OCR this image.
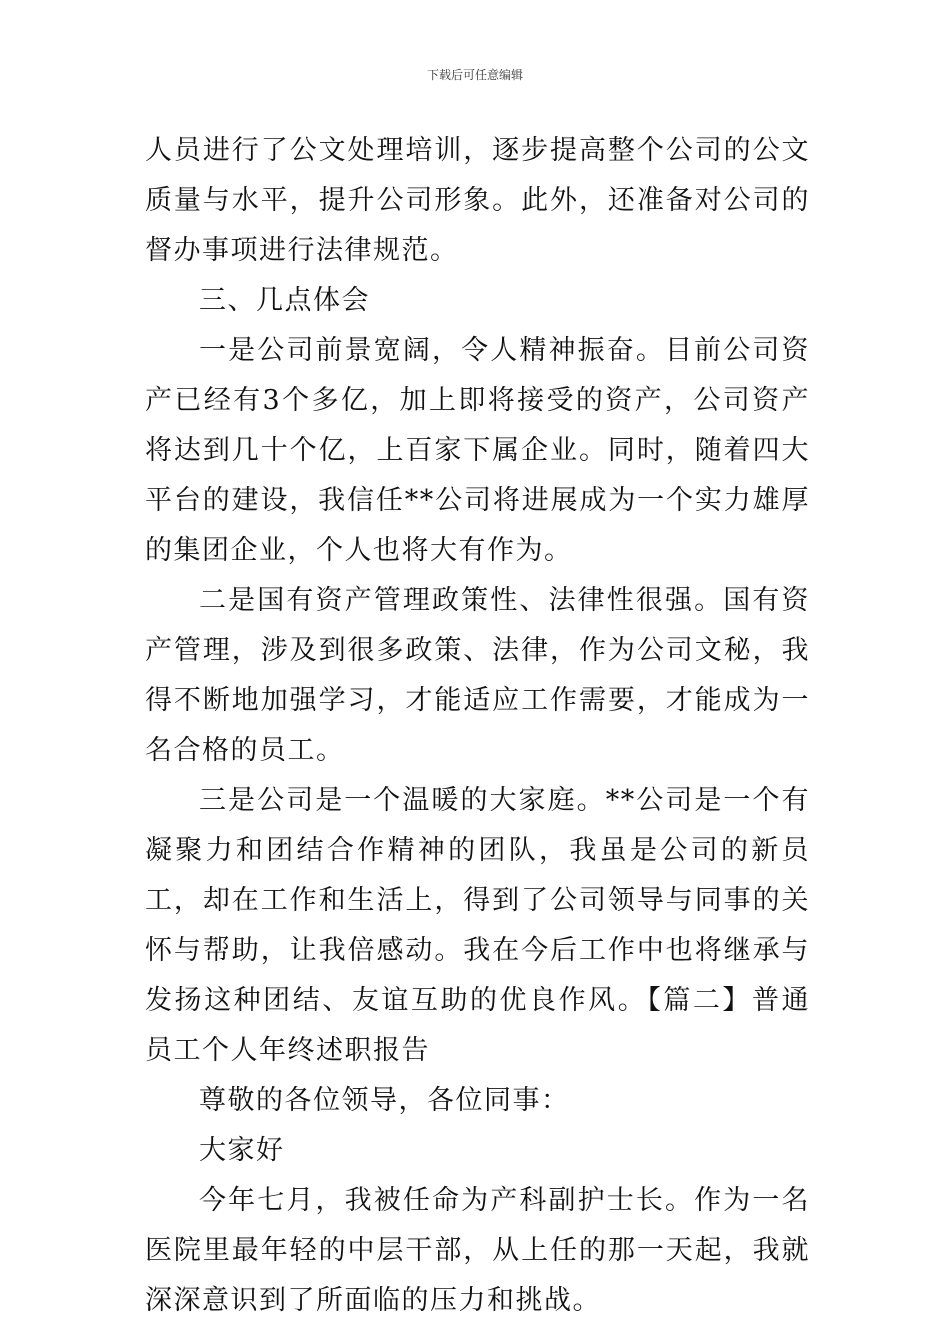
下载后可任意编辑

人员进行了公文处理培训，逐步提高整个公司的公文质量与水平，提升公司形象。此外，还准备对公司的督办事项进行法律规范。

三、几点体会

一是公司前景宽阔，令人精神振奋。目前公司资产已经有3个多亿，加上即将接受的资产，公司资产将达到几十个亿，上百家下属企业。同时，随着四大平台的建设，我信任**公司将进展成为一个实力雄厚的集团企业，个人也将大有作为。

二是国有资产管理政策性、法律性很强。国有资产管理，涉及到很多政策、法律，作为公司文秘，我得不断地加强学习，才能适应工作需要，才能成为一名合格的员工。

三是公司是一个温暖的大家庭。**公司是一个有凝聚力和团结合作精神的团队，我虽是公司的新员工，却在工作和生活上，得到了公司领导与同事的关怀与帮助，让我倍感动。我在今后工作中也将继承与发扬这种团结、友谊互助的优良作风。【篇二】普通员工个人年终述职报告

尊敬的各位领导，各位同事：

大家好

今年七月，我被任命为产科副护士长。作为一名医院里最年轻的中层干部，从上任的那一天起，我就深深意识到了所面临的压力和挑战。
